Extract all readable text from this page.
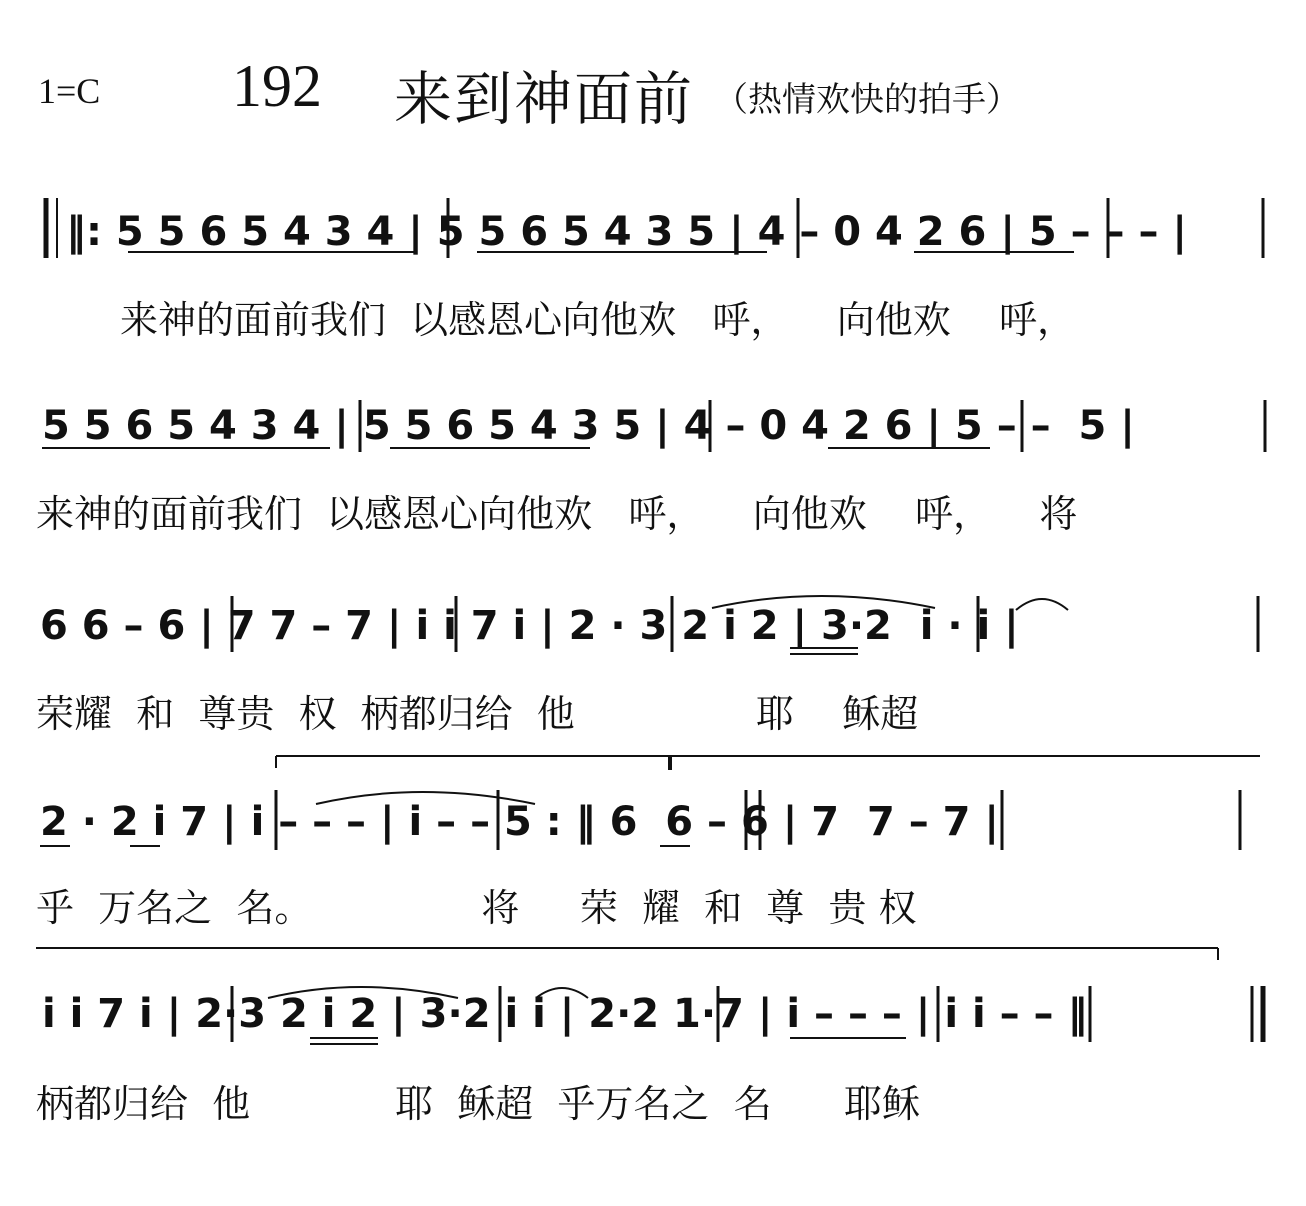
1=C 192 来到神面前 （热情欢快的拍手）
‖: 5 5 6 5 4 3 4 | 5 5 6 5 4 3 5 | 4 – 0 4 2 6 | 5 – – – |
来神的面前我们  以感恩心向他欢   呼，    向他欢    呼，
5 5 6 5 4 3 4 | 5 5 6 5 4 3 5 | 4 – 0 4 2 6 | 5 – –  5 |
来神的面前我们  以感恩心向他欢   呼，    向他欢    呼，    将
6 6 – 6 | 7 7 – 7 | i i 7 i | 2 · 3 2 i 2 | 3·2  i · i |
荣耀  和  尊贵  权  柄都归给  他               耶    稣超
2 · 2 i 7 | i – – – | i – – 5 : ‖ 6  6 – 6 | 7  7 – 7 |
乎  万名之  名。              将     荣  耀  和  尊  贵 权
i i 7 i | 2·3 2 i 2 | 3·2 i i | 2·2 1·7 | i – – – | i i – – ‖
柄都归给  他            耶  稣超  乎万名之  名      耶稣
